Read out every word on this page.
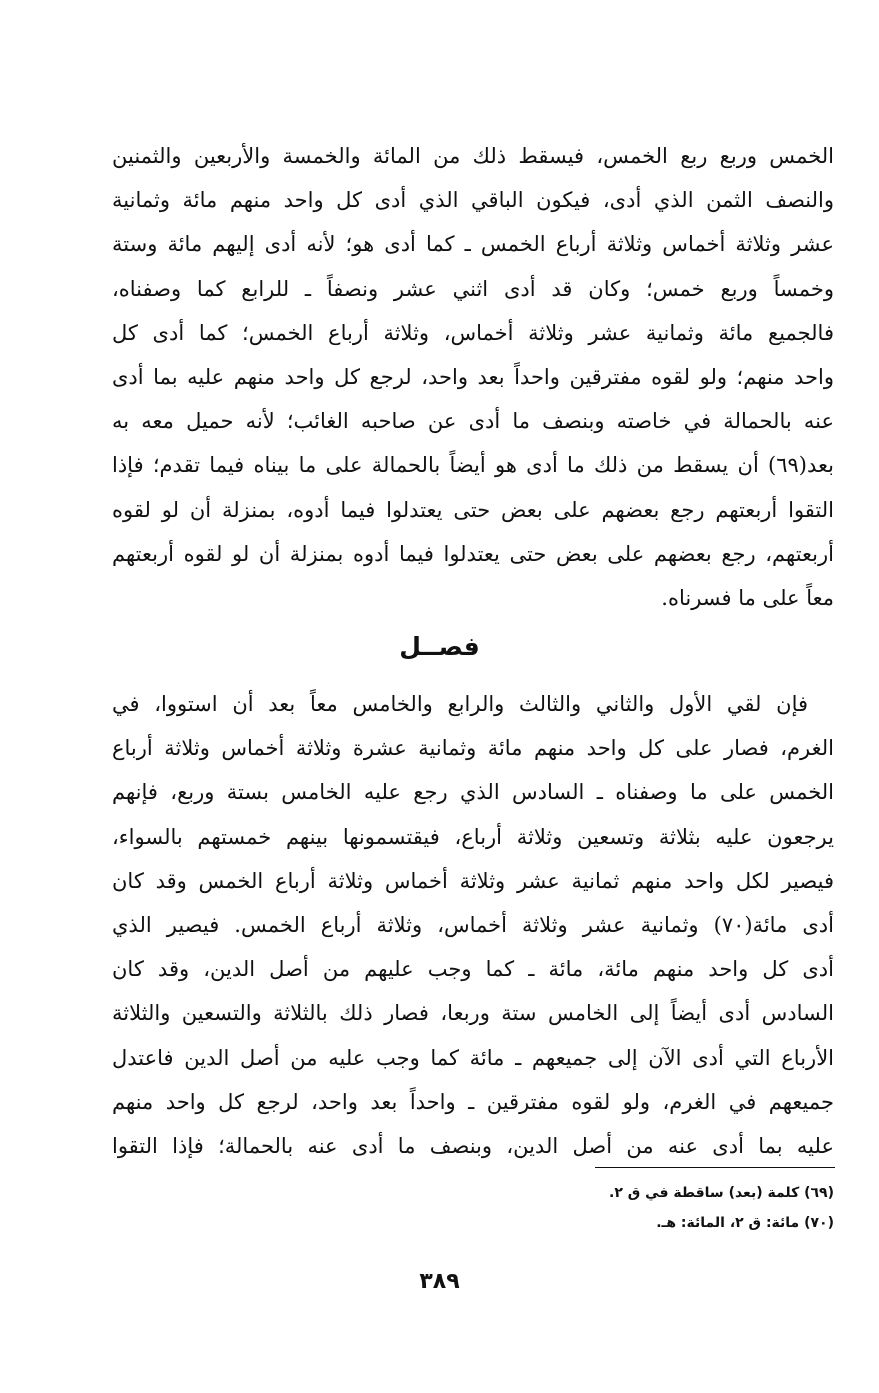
الخمس وربع ربع الخمس، فيسقط ذلك من المائة والخمسة والأربعين والثمنين
والنصف الثمن الذي أدى، فيكون الباقي الذي أدى كل واحد منهم مائة وثمانية
عشر وثلاثة أخماس وثلاثة أرباع الخمس ـ كما أدى هو؛ لأنه أدى إليهم مائة وستة
وخمساً وربع خمس؛ وكان قد أدى اثني عشر ونصفاً ـ للرابع كما وصفناه،
فالجميع مائة وثمانية عشر وثلاثة أخماس، وثلاثة أرباع الخمس؛ كما أدى كل
واحد منهم؛ ولو لقوه مفترقين واحداً بعد واحد، لرجع كل واحد منهم عليه بما أدى
عنه بالحمالة في خاصته وبنصف ما أدى عن صاحبه الغائب؛ لأنه حميل معه به
بعد(٦٩) أن يسقط من ذلك ما أدى هو أيضاً بالحمالة على ما بيناه فيما تقدم؛ فإذا
التقوا أربعتهم رجع بعضهم على بعض حتى يعتدلوا فيما أدوه، بمنزلة أن لو لقوه
أربعتهم، رجع بعضهم على بعض حتى يعتدلوا فيما أدوه بمنزلة أن لو لقوه أربعتهم
معاً على ما فسرناه.
فصــل
فإن لقي الأول والثاني والثالث والرابع والخامس معاً بعد أن استووا، في
الغرم، فصار على كل واحد منهم مائة وثمانية عشرة وثلاثة أخماس وثلاثة أرباع
الخمس على ما وصفناه ـ السادس الذي رجع عليه الخامس بستة وربع، فإنهم
يرجعون عليه بثلاثة وتسعين وثلاثة أرباع، فيقتسمونها بينهم خمستهم بالسواء،
فيصير لكل واحد منهم ثمانية عشر وثلاثة أخماس وثلاثة أرباع الخمس وقد كان
أدى مائة(٧٠) وثمانية عشر وثلاثة أخماس، وثلاثة أرباع الخمس. فيصير الذي
أدى كل واحد منهم مائة، مائة ـ كما وجب عليهم من أصل الدين، وقد كان
السادس أدى أيضاً إلى الخامس ستة وربعا، فصار ذلك بالثلاثة والتسعين والثلاثة
الأرباع التي أدى الآن إلى جميعهم ـ مائة كما وجب عليه من أصل الدين فاعتدل
جميعهم في الغرم، ولو لقوه مفترقين ـ واحداً بعد واحد، لرجع كل واحد منهم
عليه بما أدى عنه من أصل الدين، وبنصف ما أدى عنه بالحمالة؛ فإذا التقوا
(٦٩) كلمة (بعد) ساقطة في ق ٢.
(٧٠) مائة: ق ٢، المائة: هـ.
٣٨٩
